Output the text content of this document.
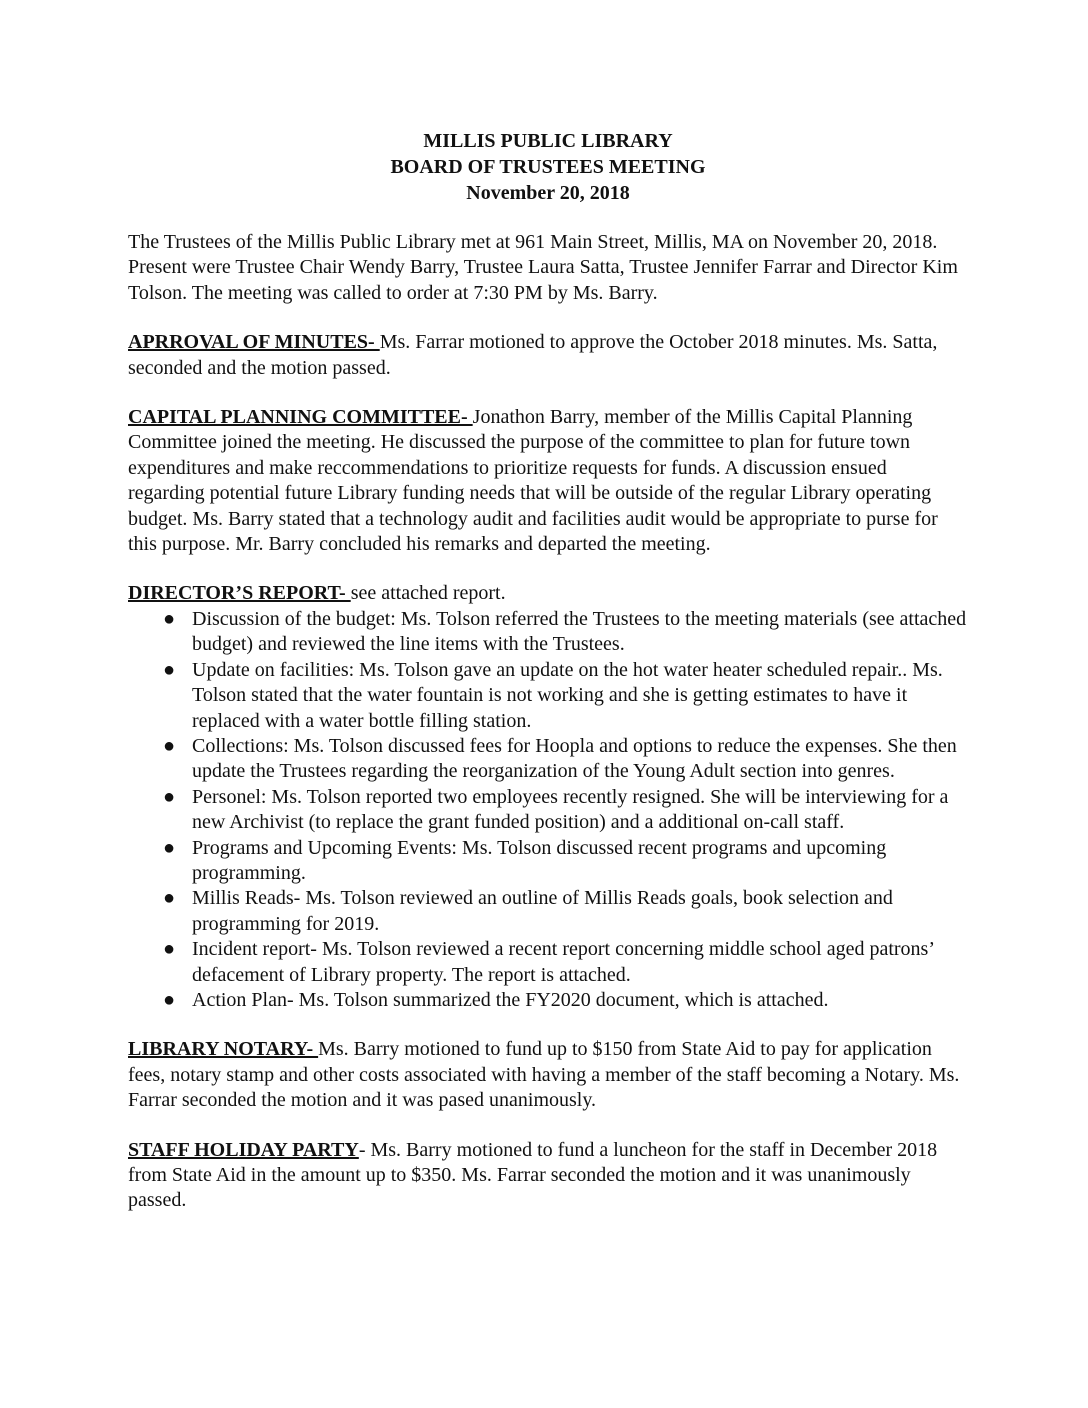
MILLIS PUBLIC LIBRARY
BOARD OF TRUSTEES MEETING
November 20, 2018

The Trustees of the Millis Public Library met at 961 Main Street, Millis, MA on November 20, 2018. Present were Trustee Chair Wendy Barry, Trustee Laura Satta, Trustee Jennifer Farrar and Director Kim Tolson. The meeting was called to order at 7:30 PM by Ms. Barry.

APRROVAL OF MINUTES- Ms. Farrar motioned to approve the October 2018 minutes. Ms. Satta, seconded and the motion passed.

CAPITAL PLANNING COMMITTEE- Jonathon Barry, member of the Millis Capital Planning Committee joined the meeting. He discussed the purpose of the committee to plan for future town expenditures and make reccommendations to prioritize requests for funds. A discussion ensued regarding potential future Library funding needs that will be outside of the regular Library operating budget. Ms. Barry stated that a technology audit and facilities audit would be appropriate to purse for this purpose. Mr. Barry concluded his remarks and departed the meeting.

DIRECTOR’S REPORT- see attached report.

● Discussion of the budget: Ms. Tolson referred the Trustees to the meeting materials (see attached budget) and reviewed the line items with the Trustees.
● Update on facilities: Ms. Tolson gave an update on the hot water heater scheduled repair.. Ms. Tolson stated that the water fountain is not working and she is getting estimates to have it replaced with a water bottle filling station.
● Collections: Ms. Tolson discussed fees for Hoopla and options to reduce the expenses. She then update the Trustees regarding the reorganization of the Young Adult section into genres.
● Personel: Ms. Tolson reported two employees recently resigned. She will be interviewing for a new Archivist (to replace the grant funded position) and a additional on-call staff.
● Programs and Upcoming Events: Ms. Tolson discussed recent programs and upcoming programming.
● Millis Reads- Ms. Tolson reviewed an outline of Millis Reads goals, book selection and programming for 2019.
● Incident report- Ms. Tolson reviewed a recent report concerning middle school aged patrons’ defacement of Library property. The report is attached.
● Action Plan- Ms. Tolson summarized the FY2020 document, which is attached.

LIBRARY NOTARY- Ms. Barry motioned to fund up to $150 from State Aid to pay for application fees, notary stamp and other costs associated with having a member of the staff becoming a Notary. Ms. Farrar seconded the motion and it was pased unanimously.

STAFF HOLIDAY PARTY- Ms. Barry motioned to fund a luncheon for the staff in December 2018 from State Aid in the amount up to $350. Ms. Farrar seconded the motion and it was unanimously passed.
